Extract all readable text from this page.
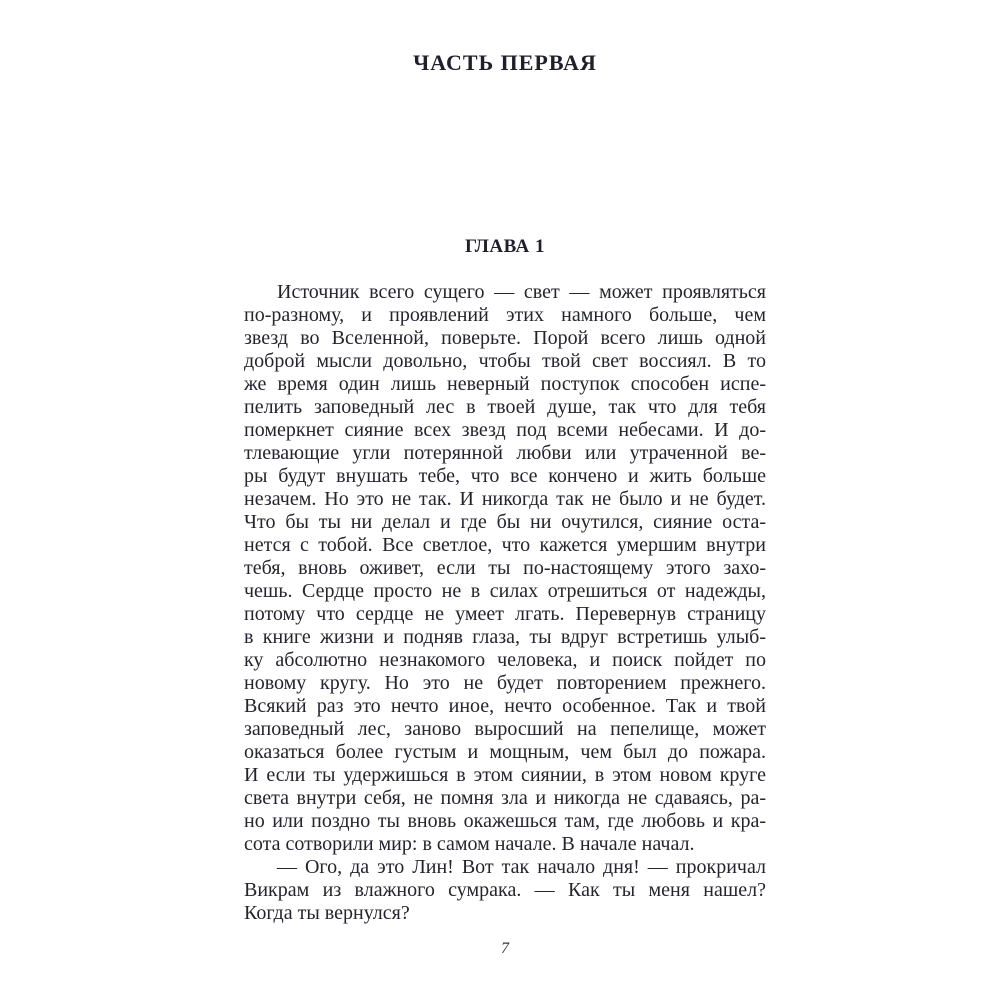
ЧАСТЬ ПЕРВАЯ
ГЛАВА 1
Источник всего сущего — свет — может проявляться
по-разному, и проявлений этих намного больше, чем
звезд во Вселенной, поверьте. Порой всего лишь одной
доброй мысли довольно, чтобы твой свет воссиял. В то
же время один лишь неверный поступок способен испе-
пелить заповедный лес в твоей душе, так что для тебя
померкнет сияние всех звезд под всеми небесами. И до-
тлевающие угли потерянной любви или утраченной ве-
ры будут внушать тебе, что все кончено и жить больше
незачем. Но это не так. И никогда так не было и не будет.
Что бы ты ни делал и где бы ни очутился, сияние оста-
нется с тобой. Все светлое, что кажется умершим внутри
тебя, вновь оживет, если ты по-настоящему этого захо-
чешь. Сердце просто не в силах отрешиться от надежды,
потому что сердце не умеет лгать. Перевернув страницу
в книге жизни и подняв глаза, ты вдруг встретишь улыб-
ку абсолютно незнакомого человека, и поиск пойдет по
новому кругу. Но это не будет повторением прежнего.
Всякий раз это нечто иное, нечто особенное. Так и твой
заповедный лес, заново выросший на пепелище, может
оказаться более густым и мощным, чем был до пожара.
И если ты удержишься в этом сиянии, в этом новом круге
света внутри себя, не помня зла и никогда не сдаваясь, ра-
но или поздно ты вновь окажешься там, где любовь и кра-
сота сотворили мир: в самом начале. В начале начал.
— Ого, да это Лин! Вот так начало дня! — прокричал
Викрам из влажного сумрака. — Как ты меня нашел?
Когда ты вернулся?
7
